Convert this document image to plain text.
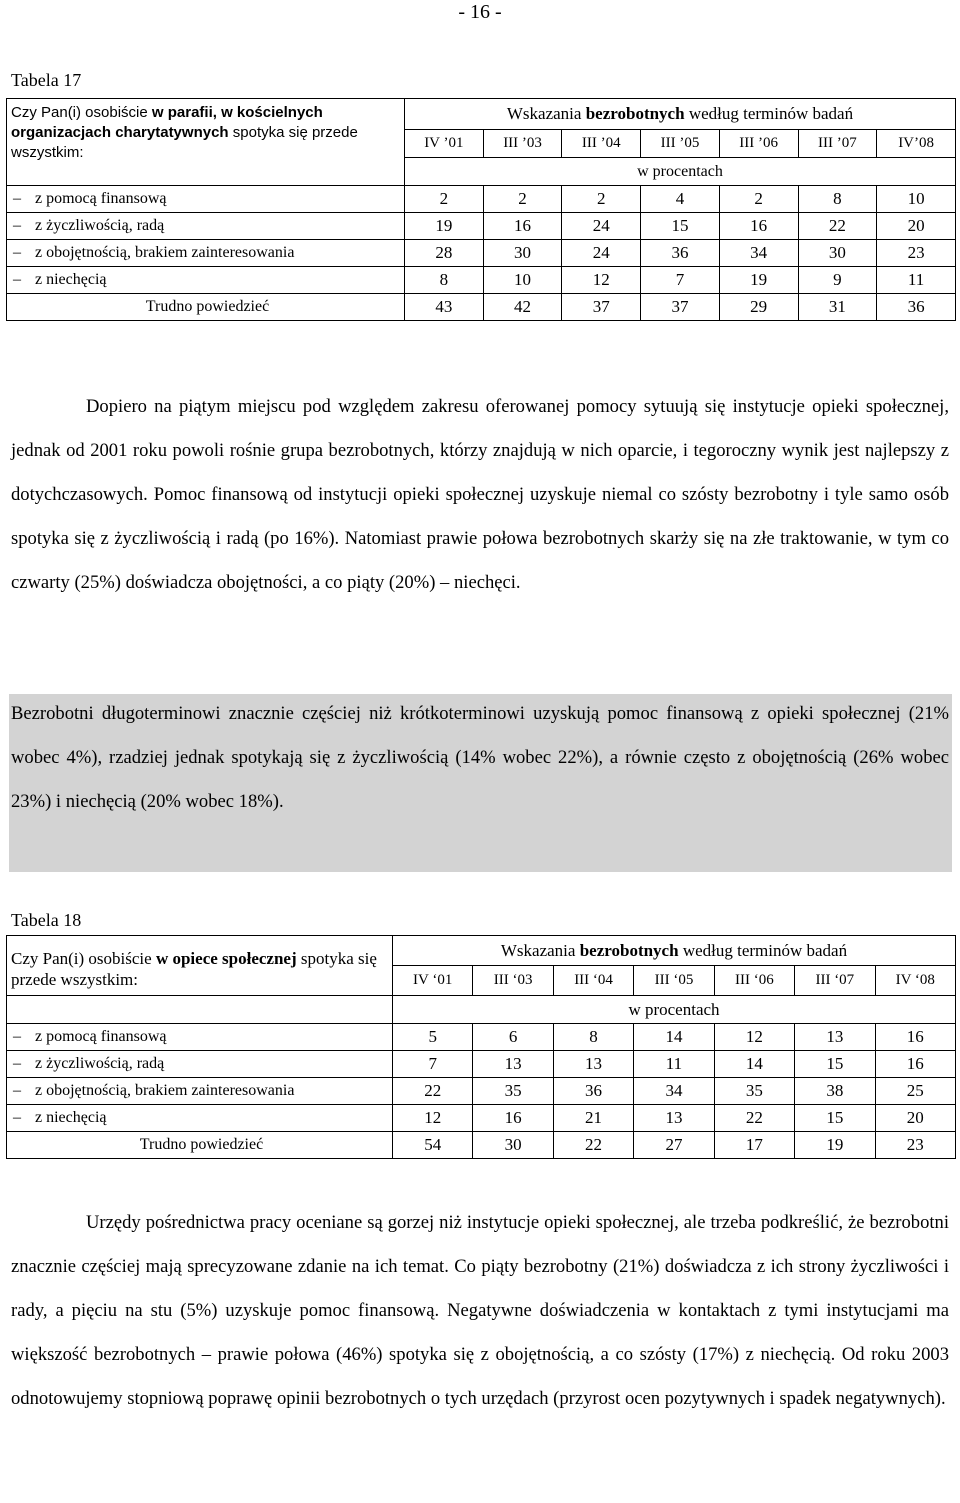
- 16 -
Tabela 17
Czy Pan(i) osobiście w parafii, w kościelnych organizacjach charytatywnych spotyka się przede wszystkim:	Wskazania bezrobotnych według terminów badań						
	IV ’01	III ’03	III ’04	III ’05	III ’06	III ’07	IV’08
	w procentach						
– z pomocą finansową	2	2	2	4	2	8	10
– z życzliwością, radą	19	16	24	15	16	22	20
– z obojętnością, brakiem zainteresowania	28	30	24	36	34	30	23
– z niechęcią	8	10	12	7	19	9	11
Trudno powiedzieć	43	42	37	37	29	31	36

Dopiero na piątym miejscu pod względem zakresu oferowanej pomocy sytuują się instytucje opieki społecznej, jednak od 2001 roku powoli rośnie grupa bezrobotnych, którzy znajdują w nich oparcie, i tegoroczny wynik jest najlepszy z dotychczasowych. Pomoc finansową od instytucji opieki społecznej uzyskuje niemal co szósty bezrobotny i tyle samo osób spotyka się z życzliwością i radą (po 16%). Natomiast prawie połowa bezrobotnych skarży się na złe traktowanie, w tym co czwarty (25%) doświadcza obojętności, a co piąty (20%) – niechęci.

Bezrobotni długoterminowi znacznie częściej niż krótkoterminowi uzyskują pomoc finansową z opieki społecznej (21% wobec 4%), rzadziej jednak spotykają się z życzliwością (14% wobec 22%), a równie często z obojętnością (26% wobec 23%) i niechęcią (20% wobec 18%).

Tabela 18
Czy Pan(i) osobiście w opiece społecznej spotyka się przede wszystkim:	Wskazania bezrobotnych według terminów badań						
	IV ‘01	III ‘03	III ‘04	III ‘05	III ‘06	III ‘07	IV ‘08
	w procentach						
– z pomocą finansową	5	6	8	14	12	13	16
– z życzliwością, radą	7	13	13	11	14	15	16
– z obojętnością, brakiem zainteresowania	22	35	36	34	35	38	25
– z niechęcią	12	16	21	13	22	15	20
Trudno powiedzieć	54	30	22	27	17	19	23

Urzędy pośrednictwa pracy oceniane są gorzej niż instytucje opieki społecznej, ale trzeba podkreślić, że bezrobotni znacznie częściej mają sprecyzowane zdanie na ich temat. Co piąty bezrobotny (21%) doświadcza z ich strony życzliwości i rady, a pięciu na stu (5%) uzyskuje pomoc finansową. Negatywne doświadczenia w kontaktach z tymi instytucjami ma większość bezrobotnych – prawie połowa (46%) spotyka się z obojętnością, a co szósty (17%) z niechęcią. Od roku 2003 odnotowujemy stopniową poprawę opinii bezrobotnych o tych urzędach (przyrost ocen pozytywnych i spadek negatywnych).
